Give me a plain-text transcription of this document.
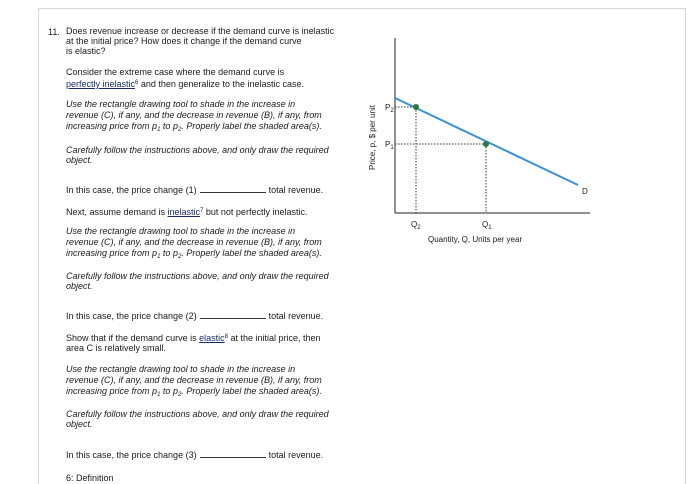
11. Does revenue increase or decrease if the demand curve is inelastic
at the initial price? How does it change if the demand curve
is elastic?
Consider the extreme case where the demand curve is
perfectly inelastic$^6$ and then generalize to the inelastic case.
Use the rectangle drawing tool to shade in the increase in
revenue (C), if any, and the decrease in revenue (B), if any, from
increasing price from $p_1$ to $p_2$. Properly label the shaded area(s).
Carefully follow the instructions above, and only draw the required
object.
In this case, the price change (1)	total revenue.
Next, assume demand is inelastic$^7$ but not perfectly inelastic.
Use the rectangle drawing tool to shade in the increase in
revenue (C), if any, and the decrease in revenue (B), if any, from
increasing price from $p_1$ to $p_2$. Properly label the shaded area(s).
Carefully follow the instructions above, and only draw the required
object.
In this case, the price change (2)	total revenue.
Show that if the demand curve is elastic$^8$ at the initial price, then
area C is relatively small.
Use the rectangle drawing tool to shade in the increase in
revenue (C), if any, and the decrease in revenue (B), if any, from
increasing price from $p_1$ to $p_2$. Properly label the shaded area(s).
Carefully follow the instructions above, and only draw the required
object.
In this case, the price change (3)	total revenue.
6: Definition
Price, p, $ per unit $P_2$
$P_1$
$Q_2$	$Q_1$
Quantity, Q, Units per year
D
